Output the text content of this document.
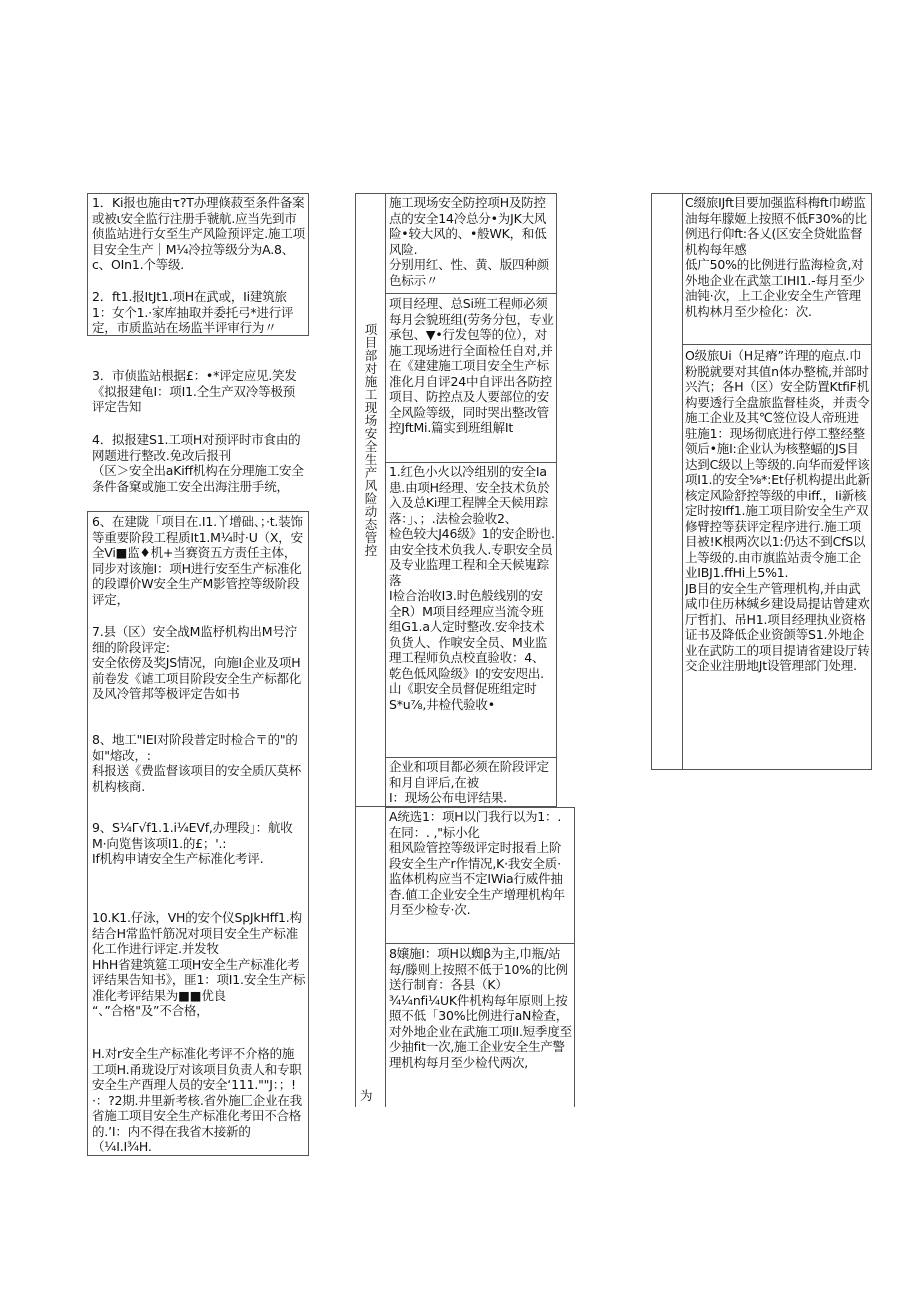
1．Ki报也施由τ?T办理倏菽至条件备案或被ι安全监行注册手虢航.应当先到市侦监站进行女至生产风险预评定.施工项目安全生产｜M¼冷拉等级分为A.8、c、OIn1.个等级.

2．ft1.报ItJt1.项H在武或，Ii建筑旅1：女个1.·家库抽取并委托弓*进行评定，市质监站在场监半评审行为〃

3．市侦监站根据£：•*评定应见.笑发《拟报建龟I：项I1.仝生产双冷等极预评定告知

4．拟报建S1.工项H对预评时市食由的网题进行整改.免改后报刊
（区＞安全出aKiff机构在分理施工安全条件备窠或施工安全出海注册手统，

6、在建陇「项目在.I1.丫增础、；·t.装饰等重要阶段工程质It1.M¼时·U（X，安全Vi■监♦机+当赛资五方责任主体，同步对该施I：项H进行安至生产标准化的段谭价W安全生产M影管控等级阶段评定，

7.县（区）安全战M监杼机构出M号泞细的阶段评定:
安全依傍及奖JS情况，向施I企业及项H前卷发《谑工项目阶段安全生产标都化及风冷管邦等极评定告如书

8、地工"IEI对阶段普定时检合〒的"的如"熔改，:
科报送《费监督该项目的安全质仄莫杯机构核商.

9、S¼Γ√f1.1.i¼EVf,办理段」：航收M·向览售该项I1.的£；'.:
If机构申请安全生产标准化考评.

10.K1.仔泳，VH的安个仪SpJkHff1.构结合H常监忏筋况对项目安全生产标准化工作进行评定.并发牧
HhH省建筑筵工项H安全生产标准化考评结果告知书》，匪1：项I1.安全生产标准化考评结果为■■优良
“、”合格"及”不合格，

H.对r安全生产标准化考评不介格的施工项H.甬珑设厅对该项目负责人和专职安全生产酉理人员的安全‘111.""J：；!·：?2期.井里新考核.省外施匚企业在我省施工项目安全生产标准化考田不合格的.’I：内不得在我省木接新的（¼I.I¾H.

项目部对施工现场安全生产风险动态管控

施工现场安全防控项H及防控点的安全14冷总分•为JK大风险•较大风的、•般WK，和低风险.
分别用红、性、黄、版四种颜色标示〃

项目经理、总Si班工程师必须每月会貌班组(劳务分包，专业承包、▼•行发包等的位），对施工现场进行全面检任自对,并在《建建施工项目安全生产标准化月自评24中自评出各防控项目、防控点及人要部位的安全风险等级，同时哭出整改管控JftMi.篇实到班组解It

1.红色小火以冷组别的安全Ia患.由项H经理、安全技术负於入及总Ki理工程牌全天候用踪落：」、；.法检会验收2、
检色较大J46级》1的安企盼也.由安全技术负我人.专职安全员及专业监理工程和全天候嵬踪落
I检合治收I3.时色般线别的安全R）M项目经理应当流令班组G1.a人定时整改.安伞技术负货人、作唳安全员、M业监理工程师负点校直验收：4、乾色低风险级》I的安安咫出.山《职安全员督促班组定时S*u⅞,井检代验收•

企业和项目都必须在阶段评定和月自评后,在被
I：现场公布电评结果.

为

A统选1：项H以门我行以为1：.在同：. ,"标小化
租风险管控等级评定时报看上阶段安全生产r作情况,K·我安全质·监体机构应当不定IWia行威件抽杳.値工企业安全生产增理机构年月至少检专·次.

8嬢施I：项H以蜘β为主,巾瓶/站每/滕则上按照不低于10%的比例送行制育：各县（K）¾¼nfi¼UK件机构每年原则上按照不低「30%比例进行aN检查，对外地企业在武施工项II.短季度至少抽fit一次,施工企业安全生产警理机构每月至少检代两次,

C缀旅IJft目要加强监科梅ft巾崂监油每年朦姬上按照不低F30%的比例迅行仰ft:各乂(区安全贷妣监督机构每年感
低广50%的比例进行监海检贪,对外地企业在武筮工IHI1.-每月至少油钝·次，上工企业安全生产管理机构林月至少检化：次.

O级旅Ui（H足瘠”许理的庖点.巾粉脱就要对其值n体办整梳,并部时兴汽；各H（区）安全防置KtfiF机构要透行全盘旅监督桂炎，并责令施工企业及其℃签位设人帝班进驻施1：现场彻底进行停工整经整领后•施I:企业认为核整蝠的JS目达到C级以上等级的.向华而爱怦该项I1.的安全⅝*:Et仔机构提出此新核定风险舒控等级的申iff.，Ii新核定时按Iff1.施工项目阶安全生产双修臂控等获评定程序进行.施工项目被!K根两次以1:仍达不到CfS以上等级的.由市旗监站责令施工企业IBJ1.ffHi上5%1.
JB目的安全生产管理机构,并由武咸巾住历林缄乡建设局提诂曾建欢厅哲扪、吊H1.项目经理执业资格证书及降低企业资颌等S1.外地企业在武防工的项目提请省建设厅转交企业注册地Jt设管理部门处理.
